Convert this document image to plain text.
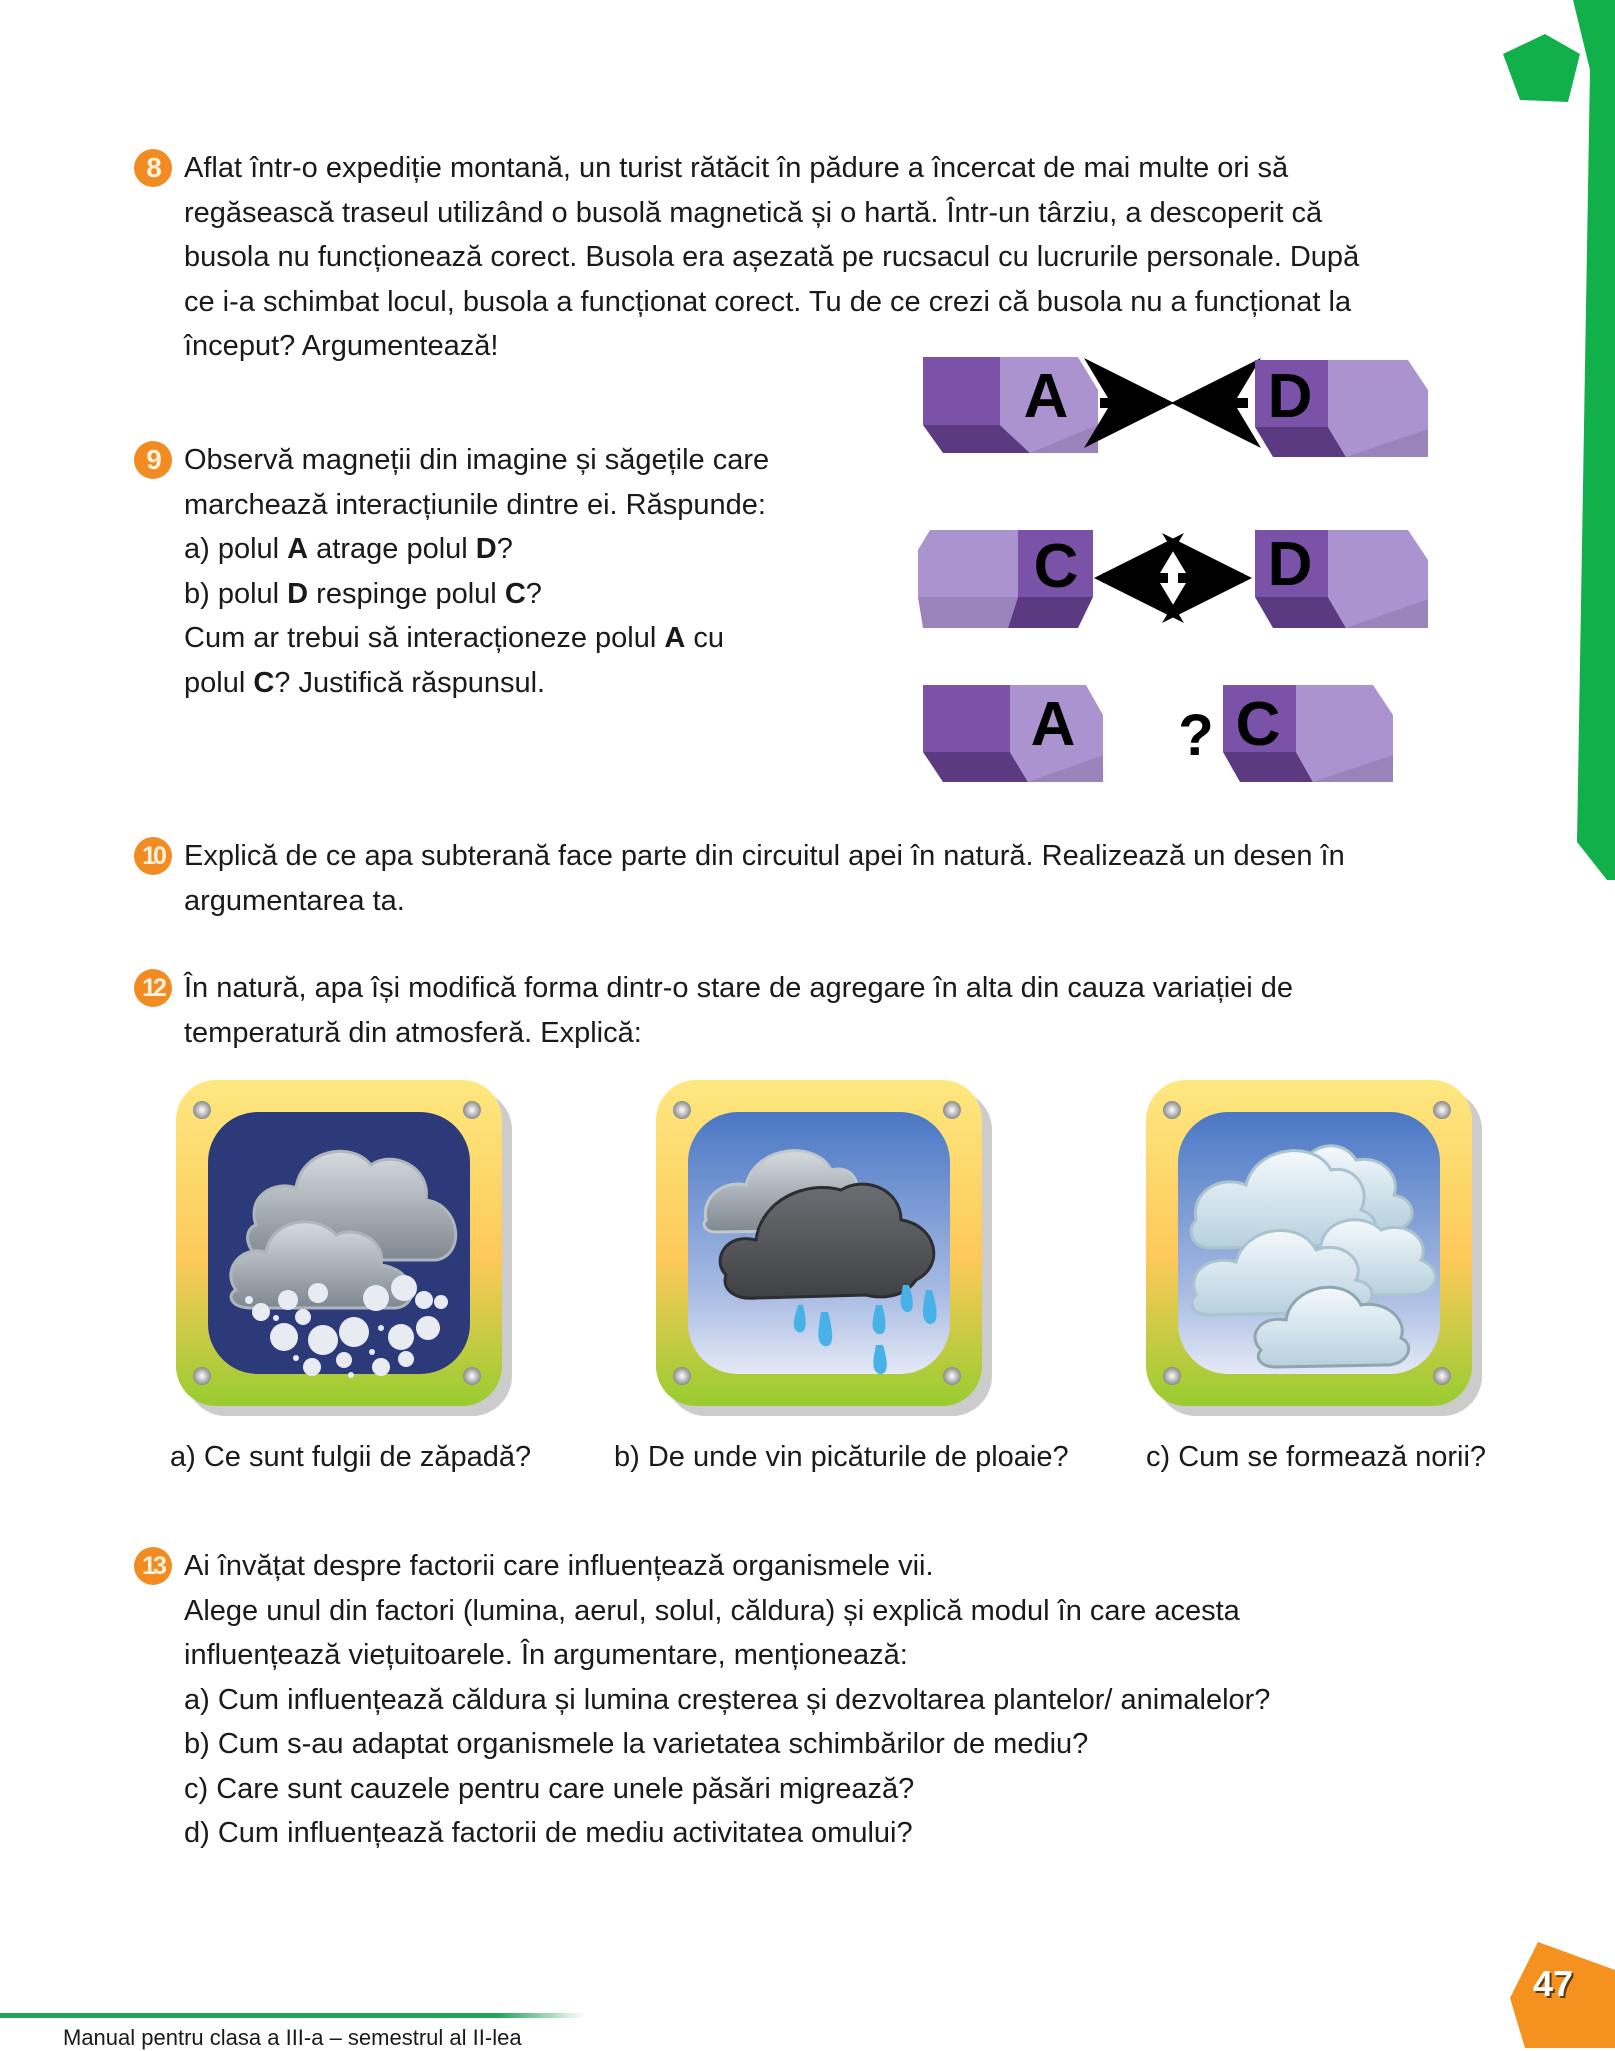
8 Aflat într-o expediție montană, un turist rătăcit în pădure a încercat de mai multe ori să
regăsească traseul utilizând o busolă magnetică și o hartă. Într-un târziu, a descoperit că
busola nu funcționează corect. Busola era așezată pe rucsacul cu lucrurile personale. După
ce i-a schimbat locul, busola a funcționat corect. Tu de ce crezi că busola nu a funcționat la
început? Argumentează!
9 Observă magneții din imagine și săgețile care
marchează interacțiunile dintre ei. Răspunde:
a) polul A atrage polul D?
b) polul D respinge polul C?
Cum ar trebui să interacționeze polul A cu
polul C? Justifică răspunsul.
A	D
C	D
A ? C
10 Explică de ce apa subterană face parte din circuitul apei în natură. Realizează un desen în
argumentarea ta.
12 În natură, apa își modifică forma dintr-o stare de agregare în alta din cauza variației de
temperatură din atmosferă. Explică:
a) Ce sunt fulgii de zăpadă?	b) De unde vin picăturile de ploaie?	c) Cum se formează norii?
13 Ai învățat despre factorii care influențează organismele vii.
Alege unul din factori (lumina, aerul, solul, căldura) și explică modul în care acesta
influențează viețuitoarele. În argumentare, menționează:
a) Cum influențează căldura și lumina creșterea și dezvoltarea plantelor/ animalelor?
b) Cum s-au adaptat organismele la varietatea schimbărilor de mediu?
c) Care sunt cauzele pentru care unele păsări migrează?
d) Cum influențează factorii de mediu activitatea omului?
Manual pentru clasa a III-a – semestrul al II-lea
47
